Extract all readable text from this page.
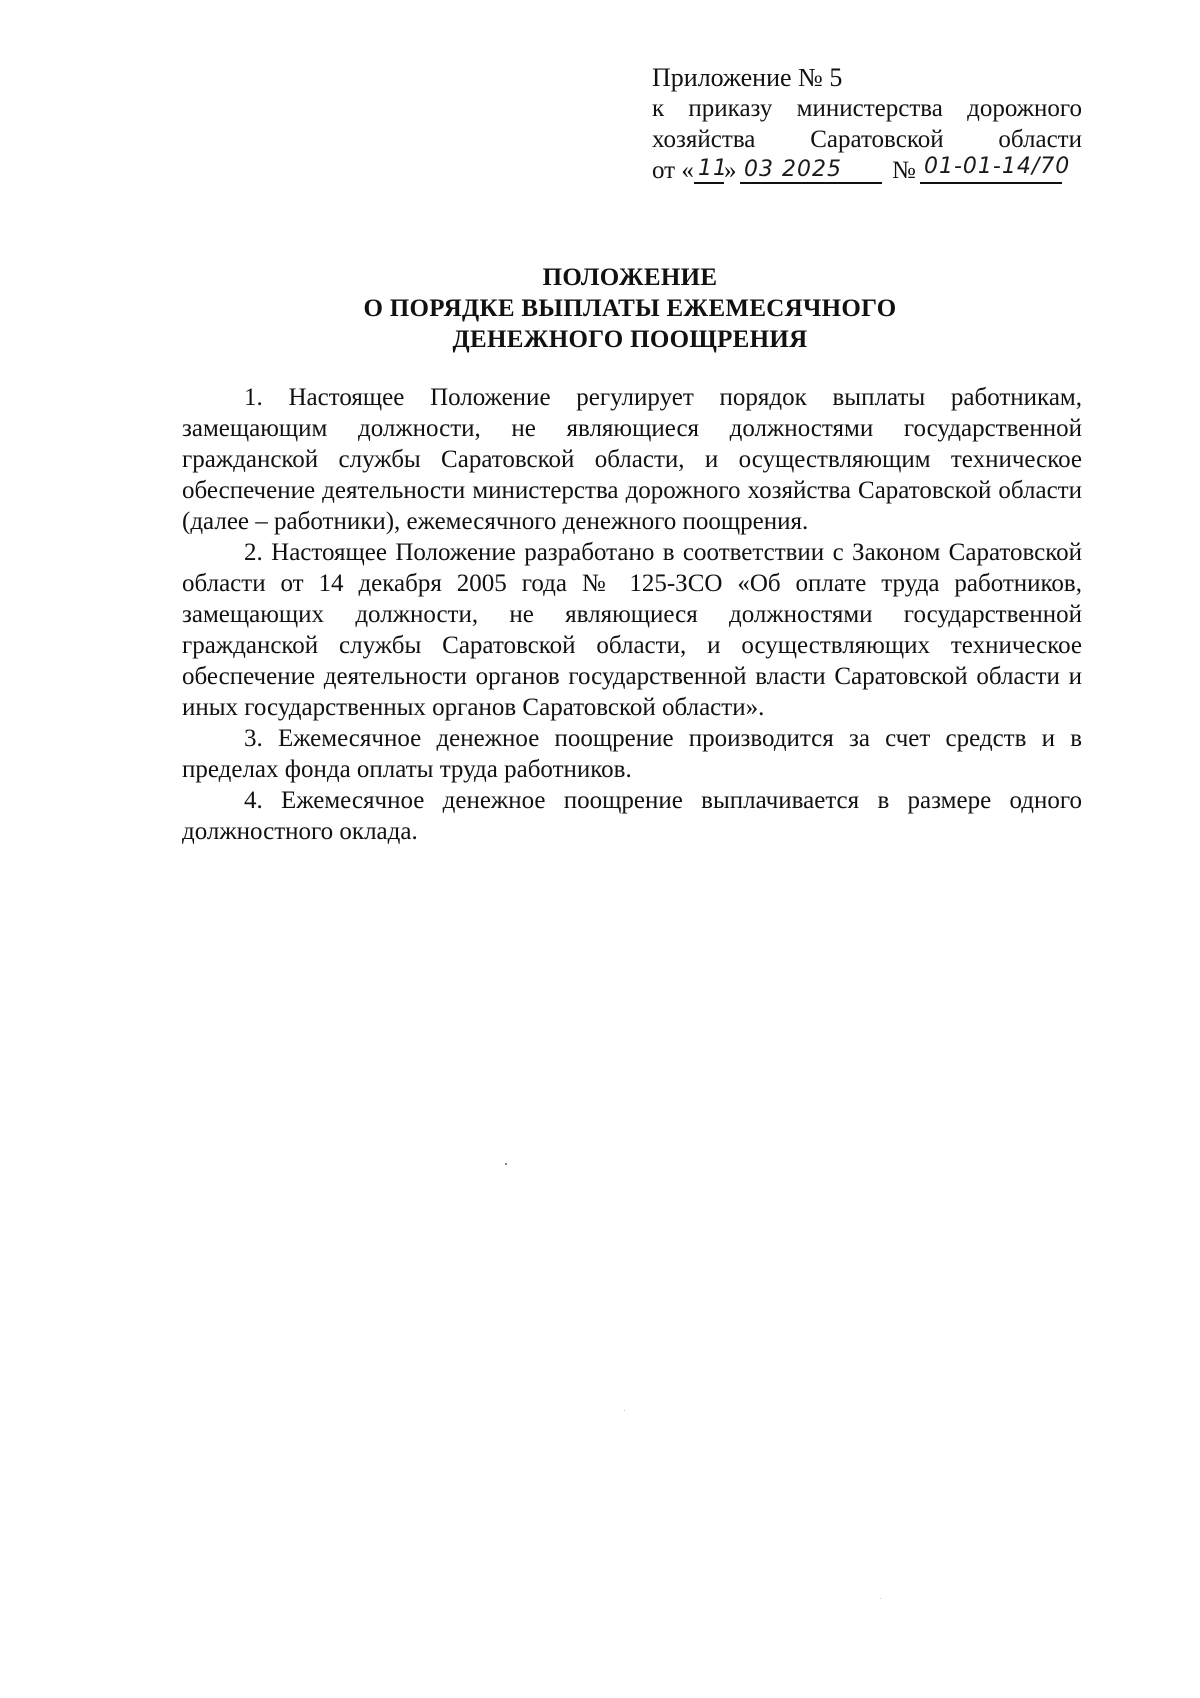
Приложение № 5
к приказу министерства дорожного
хозяйства Саратовской области
от « 11
» 03 2025 № 01-01-14/70
ПОЛОЖЕНИЕ
О ПОРЯДКЕ ВЫПЛАТЫ ЕЖЕМЕСЯЧНОГО
ДЕНЕЖНОГО ПООЩРЕНИЯ

1. Настоящее Положение регулирует порядок выплаты работникам, замещающим должности, не являющиеся должностями государственной гражданской службы Саратовской области, и осуществляющим техническое обеспечение деятельности министерства дорожного хозяйства Саратовской области (далее – работники), ежемесячного денежного поощрения.

2. Настоящее Положение разработано в соответствии с Законом Саратовской области от 14 декабря 2005 года № 125-ЗСО «Об оплате труда работников, замещающих должности, не являющиеся должностями государственной гражданской службы Саратовской области, и осуществляющих техническое обеспечение деятельности органов государственной власти Саратовской области и иных государственных органов Саратовской области».

3. Ежемесячное денежное поощрение производится за счет средств и в пределах фонда оплаты труда работников.

4. Ежемесячное денежное поощрение выплачивается в размере одного должностного оклада.
